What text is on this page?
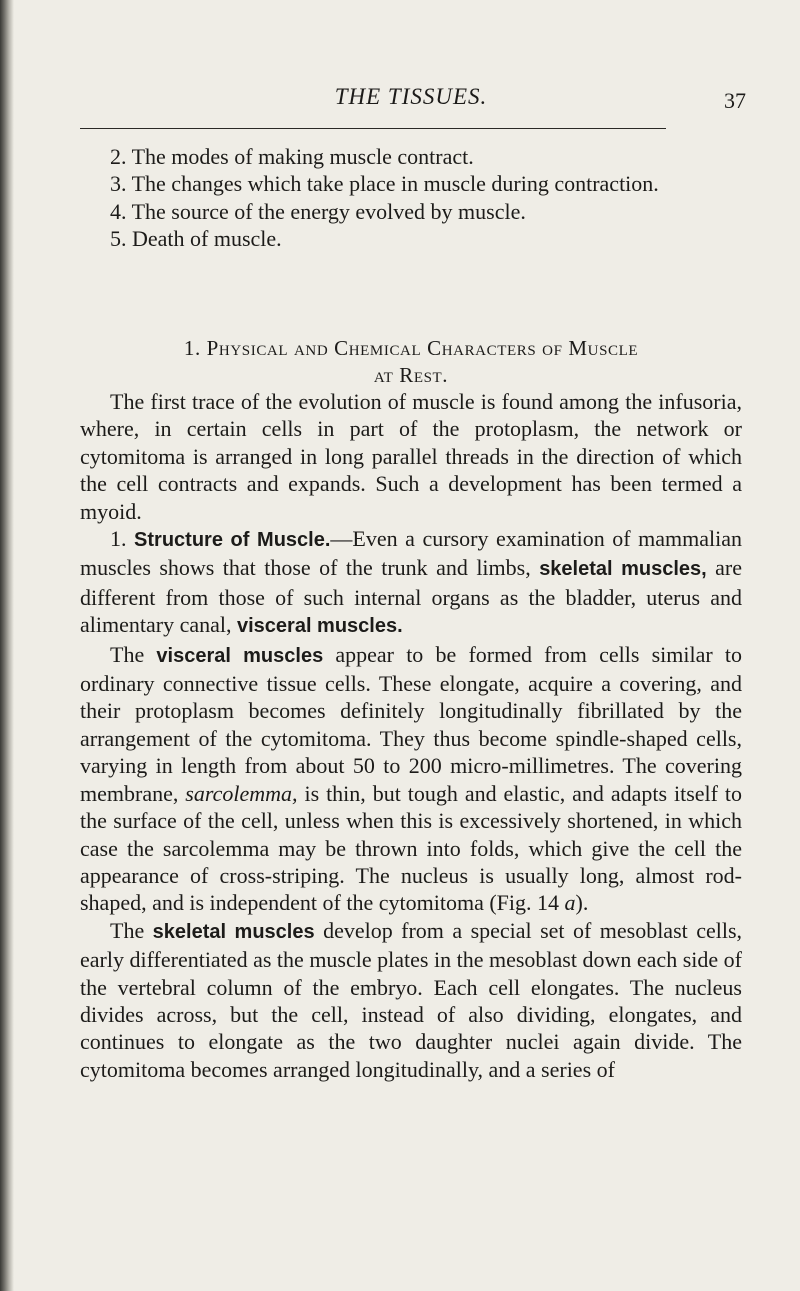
THE TISSUES.	37

2. The modes of making muscle contract.

3. The changes which take place in muscle during contraction.

4. The source of the energy evolved by muscle.

5. Death of muscle.

1. Physical and Chemical Characters of Muscle
at Rest.

The first trace of the evolution of muscle is found among the infusoria, where, in certain cells in part of the protoplasm, the network or cytomitoma is arranged in long parallel threads in the direction of which the cell contracts and expands. Such a development has been termed a myoid.

1. Structure of Muscle.—Even a cursory examination of mammalian muscles shows that those of the trunk and limbs, skeletal muscles, are different from those of such internal organs as the bladder, uterus and alimentary canal, visceral muscles.

The visceral muscles appear to be formed from cells similar to ordinary connective tissue cells. These elongate, acquire a covering, and their protoplasm becomes definitely longitudinally fibrillated by the arrangement of the cytomitoma. They thus become spindle-shaped cells, varying in length from about 50 to 200 micro-millimetres. The covering membrane, sarcolemma, is thin, but tough and elastic, and adapts itself to the surface of the cell, unless when this is excessively shortened, in which case the sarcolemma may be thrown into folds, which give the cell the appearance of cross-striping. The nucleus is usually long, almost rod-shaped, and is independent of the cytomitoma (Fig. 14 a).

The skeletal muscles develop from a special set of mesoblast cells, early differentiated as the muscle plates in the mesoblast down each side of the vertebral column of the embryo. Each cell elongates. The nucleus divides across, but the cell, instead of also dividing, elongates, and continues to elongate as the two daughter nuclei again divide. The cytomitoma becomes arranged longitudinally, and a series of
